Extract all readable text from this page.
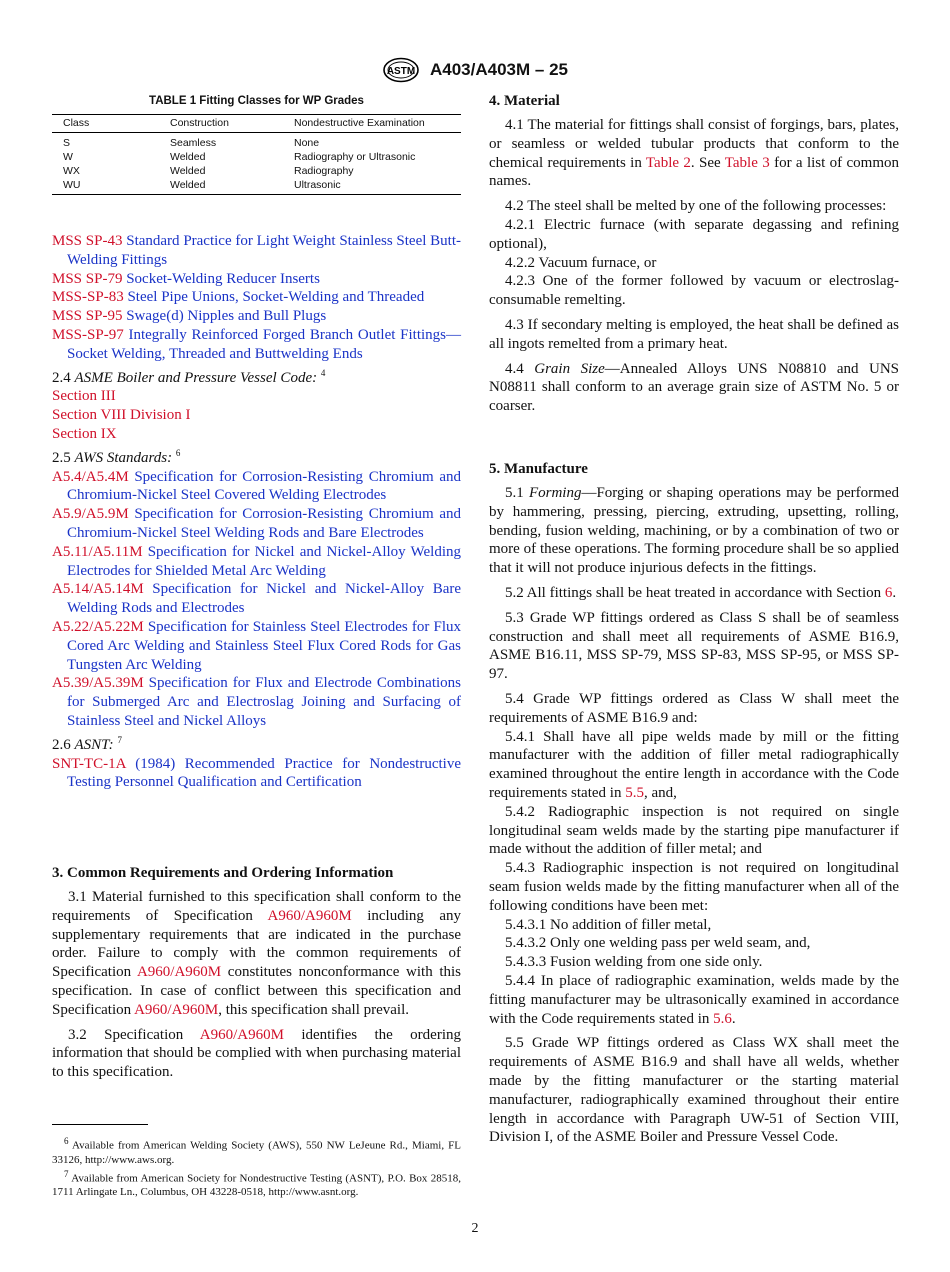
ASTM A403/A403M – 25
TABLE 1 Fitting Classes for WP Grades
Class	Construction	Nondestructive Examination
S	Seamless	None
W	Welded	Radiography or Ultrasonic
WX	Welded	Radiography
WU	Welded	Ultrasonic

MSS SP-43 Standard Practice for Light Weight Stainless Steel Butt-Welding Fittings

MSS SP-79 Socket-Welding Reducer Inserts

MSS-SP-83 Steel Pipe Unions, Socket-Welding and Threaded

MSS SP-95 Swage(d) Nipples and Bull Plugs

MSS-SP-97 Integrally Reinforced Forged Branch Outlet Fittings—Socket Welding, Threaded and Buttwelding Ends

2.4 ASME Boiler and Pressure Vessel Code: $^4$

Section III

Section VIII Division I

Section IX

2.5 AWS Standards: $^6$

A5.4/A5.4M Specification for Corrosion-Resisting Chromium and Chromium-Nickel Steel Covered Welding Electrodes

A5.9/A5.9M Specification for Corrosion-Resisting Chromium and Chromium-Nickel Steel Welding Rods and Bare Electrodes

A5.11/A5.11M Specification for Nickel and Nickel-Alloy Welding Electrodes for Shielded Metal Arc Welding

A5.14/A5.14M Specification for Nickel and Nickel-Alloy Bare Welding Rods and Electrodes

A5.22/A5.22M Specification for Stainless Steel Electrodes for Flux Cored Arc Welding and Stainless Steel Flux Cored Rods for Gas Tungsten Arc Welding

A5.39/A5.39M Specification for Flux and Electrode Combinations for Submerged Arc and Electroslag Joining and Surfacing of Stainless Steel and Nickel Alloys

2.6 ASNT: $^7$

SNT-TC-1A (1984) Recommended Practice for Nondestructive Testing Personnel Qualification and Certification

3. Common Requirements and Ordering Information

3.1 Material furnished to this specification shall conform to the requirements of Specification A960/A960M including any supplementary requirements that are indicated in the purchase order. Failure to comply with the common requirements of Specification A960/A960M constitutes nonconformance with this specification. In case of conflict between this specification and Specification A960/A960M, this specification shall prevail.

3.2 Specification A960/A960M identifies the ordering information that should be complied with when purchasing material to this specification.

$^6$ Available from American Welding Society (AWS), 550 NW LeJeune Rd., Miami, FL 33126, http://www.aws.org.

$^7$ Available from American Society for Nondestructive Testing (ASNT), P.O. Box 28518, 1711 Arlingate Ln., Columbus, OH 43228-0518, http://www.asnt.org.

4. Material

4.1 The material for fittings shall consist of forgings, bars, plates, or seamless or welded tubular products that conform to the chemical requirements in Table 2. See Table 3 for a list of common names.

4.2 The steel shall be melted by one of the following processes:

4.2.1 Electric furnace (with separate degassing and refining optional),

4.2.2 Vacuum furnace, or

4.2.3 One of the former followed by vacuum or electroslag-consumable remelting.

4.3 If secondary melting is employed, the heat shall be defined as all ingots remelted from a primary heat.

4.4 Grain Size—Annealed Alloys UNS N08810 and UNS N08811 shall conform to an average grain size of ASTM No. 5 or coarser.

5. Manufacture

5.1 Forming—Forging or shaping operations may be performed by hammering, pressing, piercing, extruding, upsetting, rolling, bending, fusion welding, machining, or by a combination of two or more of these operations. The forming procedure shall be so applied that it will not produce injurious defects in the fittings.

5.2 All fittings shall be heat treated in accordance with Section 6.

5.3 Grade WP fittings ordered as Class S shall be of seamless construction and shall meet all requirements of ASME B16.9, ASME B16.11, MSS SP-79, MSS SP-83, MSS SP-95, or MSS SP-97.

5.4 Grade WP fittings ordered as Class W shall meet the requirements of ASME B16.9 and:

5.4.1 Shall have all pipe welds made by mill or the fitting manufacturer with the addition of filler metal radiographically examined throughout the entire length in accordance with the Code requirements stated in 5.5, and,

5.4.2 Radiographic inspection is not required on single longitudinal seam welds made by the starting pipe manufacturer if made without the addition of filler metal; and

5.4.3 Radiographic inspection is not required on longitudinal seam fusion welds made by the fitting manufacturer when all of the following conditions have been met:

5.4.3.1 No addition of filler metal,

5.4.3.2 Only one welding pass per weld seam, and,

5.4.3.3 Fusion welding from one side only.

5.4.4 In place of radiographic examination, welds made by the fitting manufacturer may be ultrasonically examined in accordance with the Code requirements stated in 5.6.

5.5 Grade WP fittings ordered as Class WX shall meet the requirements of ASME B16.9 and shall have all welds, whether made by the fitting manufacturer or the starting material manufacturer, radiographically examined throughout their entire length in accordance with Paragraph UW-51 of Section VIII, Division I, of the ASME Boiler and Pressure Vessel Code.

2
